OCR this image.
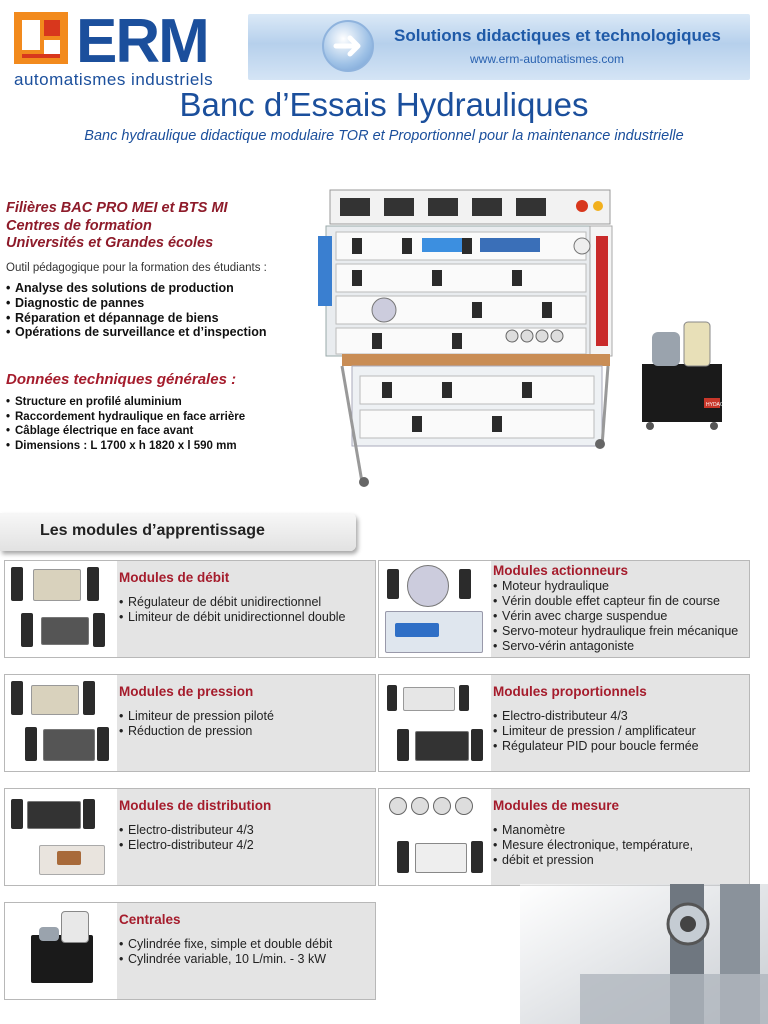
ERM
automatismes industriels
Solutions didactiques et technologiques
www.erm-automatismes.com
Banc d’Essais Hydrauliques
Banc hydraulique didactique modulaire TOR et Proportionnel pour la maintenance industrielle
Filières BAC PRO MEI et BTS MI
Centres de formation
Universités et Grandes écoles
Outil pédagogique pour la formation des étudiants :
• Analyse des solutions de production
• Diagnostic de pannes
• Réparation et dépannage de biens
• Opérations de surveillance et d’inspection
Données techniques générales :
• Structure en profilé aluminium
• Raccordement hydraulique en face arrière
• Câblage électrique en face avant
• Dimensions : L 1700 x h 1820 x l 590 mm
HYDAC
Les modules d’apprentissage
Modules de débit
• Régulateur de débit unidirectionnel
• Limiteur de débit unidirectionnel double
Modules actionneurs
• Moteur hydraulique
• Vérin double effet capteur fin de course
• Vérin avec charge suspendue
• Servo-moteur hydraulique frein mécanique
• Servo-vérin antagoniste
Modules de pression
• Limiteur de pression piloté
• Réduction de pression
Modules proportionnels
• Electro-distributeur 4/3
• Limiteur de pression / amplificateur
• Régulateur PID pour boucle fermée
Modules de distribution
• Electro-distributeur 4/3
• Electro-distributeur 4/2
Modules de mesure
• Manomètre
• Mesure électronique, température,
• débit et pression
Centrales
• Cylindrée fixe, simple et double débit
• Cylindrée variable, 10 L/min. - 3 kW
